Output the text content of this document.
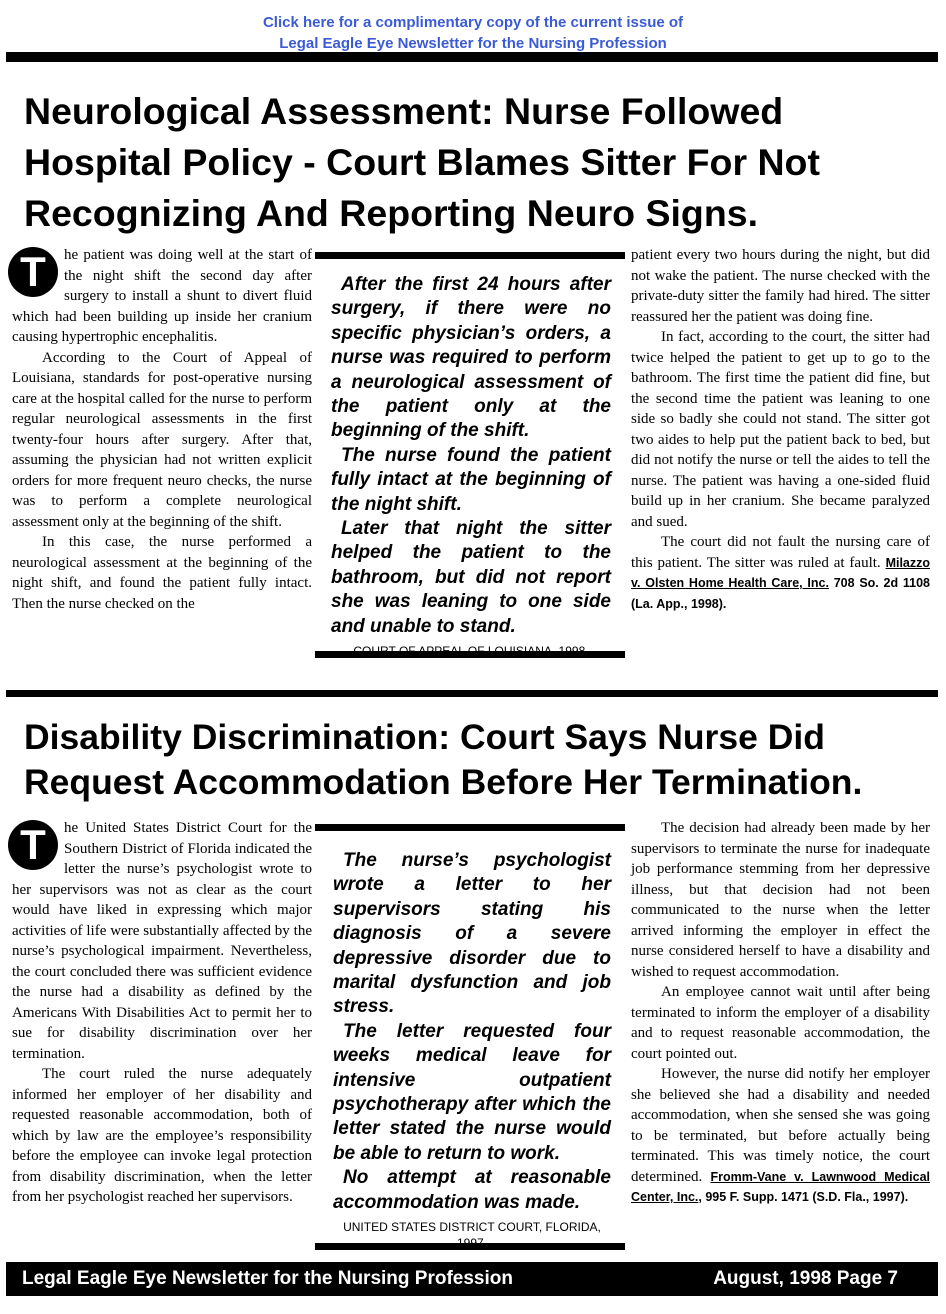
Click here for a complimentary copy of the current issue of
Legal Eagle Eye Newsletter for the Nursing Profession
Neurological Assessment: Nurse Followed Hospital Policy - Court Blames Sitter For Not Recognizing And Reporting Neuro Signs.

T	he patient was doing well at the start of the night shift the second day after surgery to install a shunt to divert fluid which had been building up inside her cranium causing hypertrophic encephalitis.

According to the Court of Appeal of Louisiana, standards for post-operative nursing care at the hospital called for the nurse to perform regular neurological assessments in the first twenty-four hours after surgery. After that, assuming the physician had not written explicit orders for more frequent neuro checks, the nurse was to perform a complete neurological assessment only at the beginning of the shift.

In this case, the nurse performed a neurological assessment at the beginning of the night shift, and found the patient fully intact. Then the nurse checked on the

After the first 24 hours after surgery, if there were no specific physician’s orders, a nurse was required to perform a neurological assessment of the patient only at the beginning of the shift.

The nurse found the patient fully intact at the beginning of the night shift.

Later that night the sitter helped the patient to the bathroom, but did not report she was leaning to one side and unable to stand.

COURT OF APPEAL OF LOUISIANA, 1998.

patient every two hours during the night, but did not wake the patient. The nurse checked with the private-duty sitter the family had hired. The sitter reassured her the patient was doing fine.

In fact, according to the court, the sitter had twice helped the patient to get up to go to the bathroom. The first time the patient did fine, but the second time the patient was leaning to one side so badly she could not stand. The sitter got two aides to help put the patient back to bed, but did not notify the nurse or tell the aides to tell the nurse. The patient was having a one-sided fluid build up in her cranium. She became paralyzed and sued.

The court did not fault the nursing care of this patient. The sitter was ruled at fault. Milazzo v. Olsten Home Health Care, Inc. 708 So. 2d 1108 (La. App., 1998).

Disability Discrimination: Court Says Nurse Did Request Accommodation Before Her Termination.

T	he United States District Court for the Southern District of Florida indicated the letter the nurse’s psychologist wrote to her supervisors was not as clear as the court would have liked in expressing which major activities of life were substantially affected by the nurse’s psychological impairment. Nevertheless, the court concluded there was sufficient evidence the nurse had a disability as defined by the Americans With Disabilities Act to permit her to sue for disability discrimination over her termination.

The court ruled the nurse adequately informed her employer of her disability and requested reasonable accommodation, both of which by law are the employee’s responsibility before the employee can invoke legal protection from disability discrimination, when the letter from her psychologist reached her supervisors.

The nurse’s psychologist wrote a letter to her supervisors stating his diagnosis of a severe depressive disorder due to marital dysfunction and job stress.

The letter requested four weeks medical leave for intensive outpatient psychotherapy after which the letter stated the nurse would be able to return to work.

No attempt at reasonable accommodation was made.

UNITED STATES DISTRICT COURT, FLORIDA, 1997.

The decision had already been made by her supervisors to terminate the nurse for inadequate job performance stemming from her depressive illness, but that decision had not been communicated to the nurse when the letter arrived informing the employer in effect the nurse considered herself to have a disability and wished to request accommodation.

An employee cannot wait until after being terminated to inform the employer of a disability and to request reasonable accommodation, the court pointed out.

However, the nurse did notify her employer she believed she had a disability and needed accommodation, when she sensed she was going to be terminated, but before actually being terminated. This was timely notice, the court determined. Fromm-Vane v. Lawnwood Medical Center, Inc., 995 F. Supp. 1471 (S.D. Fla., 1997).

Legal Eagle Eye Newsletter for the Nursing Profession	August, 1998 Page 7
